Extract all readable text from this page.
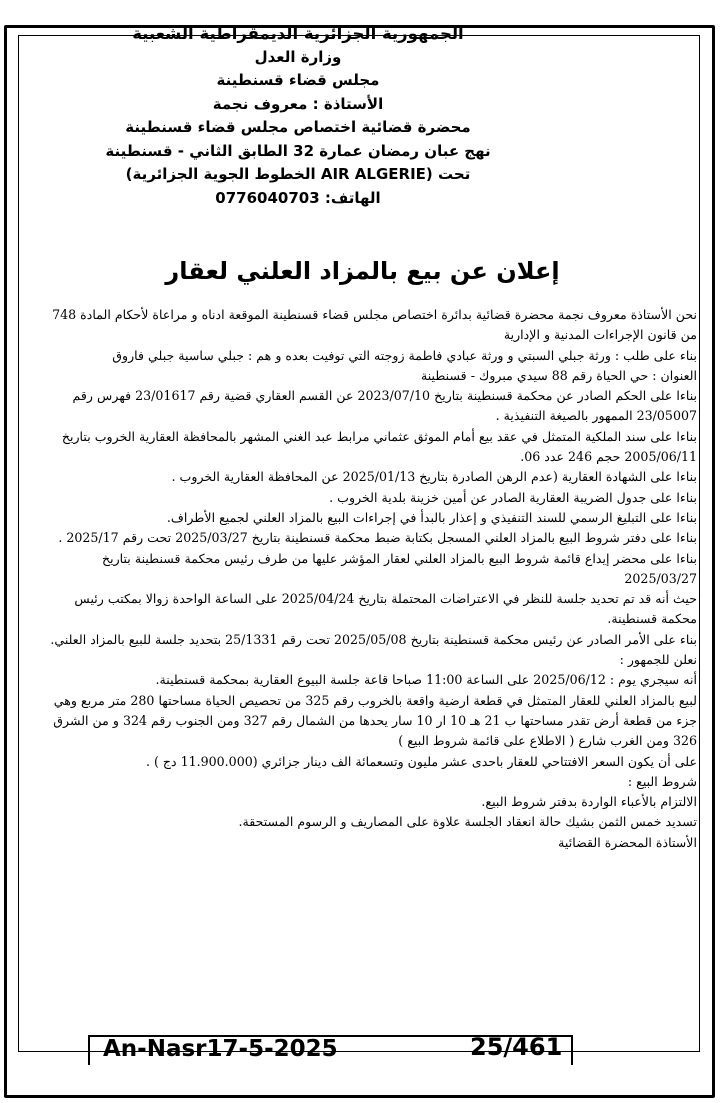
الجمهورية الجزائرية الديمقراطية الشعبية
وزارة العدل
مجلس قضاء قسنطينة
الأستاذة : معروف نجمة
محضرة قضائية اختصاص مجلس قضاء قسنطينة
نهج عبان رمضان عمارة 32 الطابق الثاني - قسنطينة
تحت (AIR ALGERIE الخطوط الجوية الجزائرية)
الهاتف: 0776040703
إعلان عن بيع بالمزاد العلني لعقار

نحن الأستاذة معروف نجمة محضرة قضائية بدائرة اختصاص مجلس قضاء قسنطينة الموقعة ادناه و مراعاة لأحكام المادة 748 من قانون الإجراءات المدنية و الإدارية

بناء على طلب : ورثة جبلي السبتي و ورثة عبادي فاطمة زوجته التي توفيت بعده و هم : جبلي ساسية جبلي فاروق

العنوان : حي الحياة رقم 88 سيدي مبروك - قسنطينة

بناءا على الحكم الصادر عن محكمة قسنطينة بتاريخ 2023/07/10 عن القسم العقاري قضية رقم 23/01617 فهرس رقم 23/05007 الممهور بالصيغة التنفيذية .

بناءا على سند الملكية المتمثل في عقد بيع أمام الموثق عثماني مرابط عبد الغني المشهر بالمحافظة العقارية الخروب بتاريخ 2005/06/11 حجم 246 عدد 06.

بناءا على الشهادة العقارية (عدم الرهن الصادرة بتاريخ 2025/01/13 عن المحافظة العقارية الخروب .

بناءا على جدول الضريبة العقارية الصادر عن أمين خزينة بلدية الخروب .

بناءا على التبليغ الرسمي للسند التنفيذي و إعذار بالبدأ في إجراءات البيع بالمزاد العلني لجميع الأطراف.

بناءا على دفتر شروط البيع بالمزاد العلني المسجل بكتابة ضبط محكمة قسنطينة بتاريخ 2025/03/27 تحت رقم 2025/17 .

بناءا على محضر إيداع قائمة شروط البيع بالمزاد العلني لعقار المؤشر عليها من طرف رئيس محكمة قسنطينة بتاريخ 2025/03/27

حيث أنه قد تم تحديد جلسة للنظر في الاعتراضات المحتملة بتاريخ 2025/04/24 على الساعة الواحدة زوالا بمكتب رئيس محكمة قسنطينة.

بناء على الأمر الصادر عن رئيس محكمة قسنطينة بتاريخ 2025/05/08 تحت رقم 25/1331 بتحديد جلسة للبيع بالمزاد العلني.

نعلن للجمهور :

أنه سيجري يوم : 2025/06/12 على الساعة 11:00 صباحا قاعة جلسة البيوع العقارية بمحكمة قسنطينة.

لبيع بالمزاد العلني للعقار المتمثل في قطعة ارضية واقعة بالخروب رقم 325 من تحصيص الحياة مساحتها 280 متر مربع وهي جزء من قطعة أرض تقدر مساحتها ب 21 هـ 10 ار 10 سار يحدها من الشمال رقم 327 ومن الجنوب رقم 324 و من الشرق 326 ومن الغرب شارع ( الاطلاع على قائمة شروط البيع )

على أن يكون السعر الافتتاحي للعقار باحدى عشر مليون وتسعمائة الف دينار جزائري (11.900.000 دج ) .

شروط البيع :

الالتزام بالأعباء الواردة بدفتر شروط البيع.

تسديد خمس الثمن بشيك حالة انعقاد الجلسة علاوة على المصاريف و الرسوم المستحقة.

الأستاذة المحضرة القضائية

An-Nasr17-5-2025	25/461
